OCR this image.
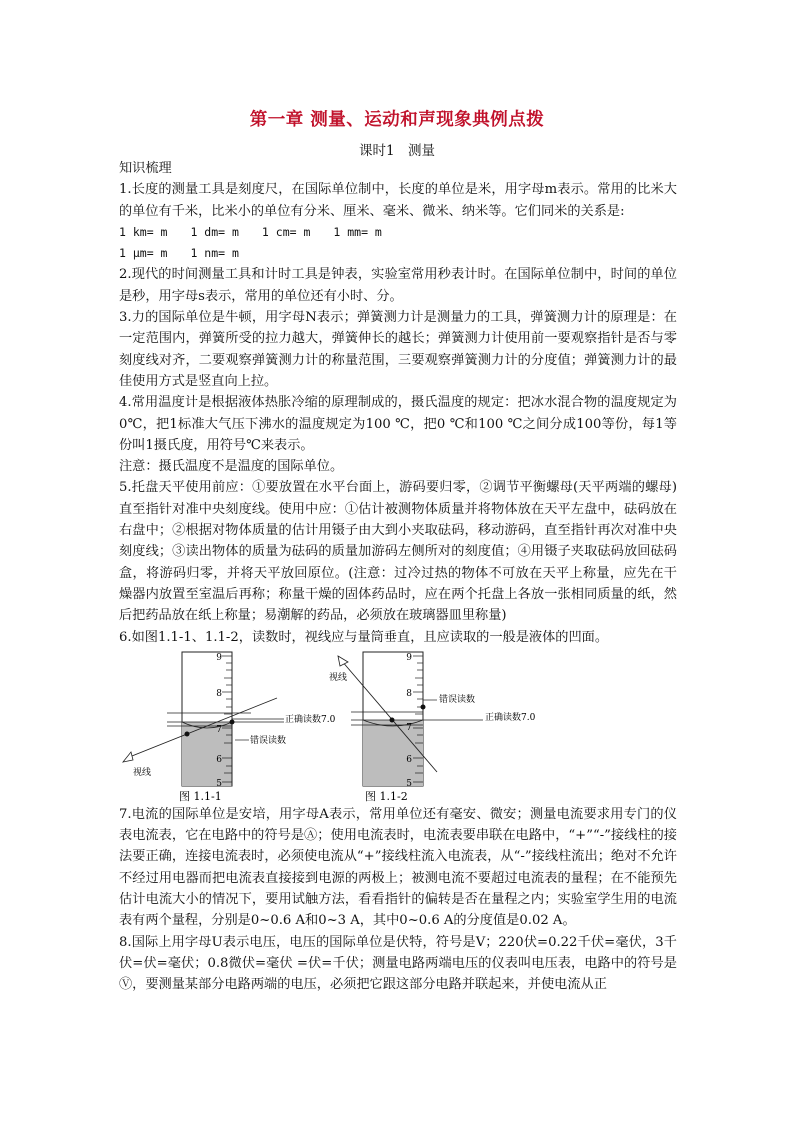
第一章 测量、运动和声现象典例点拨
课时1　测量

知识梳理

1.长度的测量工具是刻度尺，在国际单位制中，长度的单位是米，用字母m表示。常用的比米大的单位有千米，比米小的单位有分米、厘米、毫米、微米、纳米等。它们同米的关系是:

1 km= m　　1 dm= m　　1 cm= m　　1 mm= m

1 μm= m　　1 nm= m

2.现代的时间测量工具和计时工具是钟表，实验室常用秒表计时。在国际单位制中，时间的单位是秒，用字母s表示，常用的单位还有小时、分。

3.力的国际单位是牛顿，用字母N表示；弹簧测力计是测量力的工具，弹簧测力计的原理是：在一定范围内，弹簧所受的拉力越大，弹簧伸长的越长；弹簧测力计使用前一要观察指针是否与零刻度线对齐，二要观察弹簧测力计的称量范围，三要观察弹簧测力计的分度值；弹簧测力计的最佳使用方式是竖直向上拉。

4.常用温度计是根据液体热胀冷缩的原理制成的，摄氏温度的规定：把冰水混合物的温度规定为0℃，把1标准大气压下沸水的温度规定为100 ℃，把0 ℃和100 ℃之间分成100等份，每1等份叫1摄氏度，用符号℃来表示。

注意：摄氏温度不是温度的国际单位。

5.托盘天平使用前应：①要放置在水平台面上，游码要归零，②调节平衡螺母(天平两端的螺母)直至指针对准中央刻度线。使用中应：①估计被测物体质量并将物体放在天平左盘中，砝码放在右盘中；②根据对物体质量的估计用镊子由大到小夹取砝码，移动游码，直至指针再次对准中央刻度线；③读出物体的质量为砝码的质量加游码左侧所对的刻度值；④用镊子夹取砝码放回砝码盒，将游码归零，并将天平放回原位。(注意：过冷过热的物体不可放在天平上称量，应先在干燥器内放置至室温后再称；称量干燥的固体药品时，应在两个托盘上各放一张相同质量的纸，然后把药品放在纸上称量；易潮解的药品，必须放在玻璃器皿里称量)

6.如图1.1-1、1.1-2，读数时，视线应与量筒垂直，且应读取的一般是液体的凹面。

9
8
7
6
5
正确读数7.0
错误读数
视线
图 1.1-1
9
8
7
6
5
视线
错误读数
正确读数7.0
图 1.1-2

7.电流的国际单位是安培，用字母A表示，常用单位还有毫安、微安；测量电流要求用专门的仪表电流表，它在电路中的符号是Ⓐ；使用电流表时，电流表要串联在电路中，“+”“-”接线柱的接法要正确，连接电流表时，必须使电流从“+”接线柱流入电流表，从“-”接线柱流出；绝对不允许不经过用电器而把电流表直接接到电源的两极上；被测电流不要超过电流表的量程；在不能预先估计电流大小的情况下，要用试触方法，看看指针的偏转是否在量程之内；实验室学生用的电流表有两个量程，分别是0~0.6 A和0~3 A，其中0~0.6 A的分度值是0.02 A。

8.国际上用字母U表示电压，电压的国际单位是伏特，符号是V；220伏=0.22千伏=毫伏，3千伏=伏=毫伏；0.8微伏=毫伏 =伏=千伏；测量电路两端电压的仪表叫电压表，电路中的符号是Ⓥ，要测量某部分电路两端的电压，必须把它跟这部分电路并联起来，并使电流从正
